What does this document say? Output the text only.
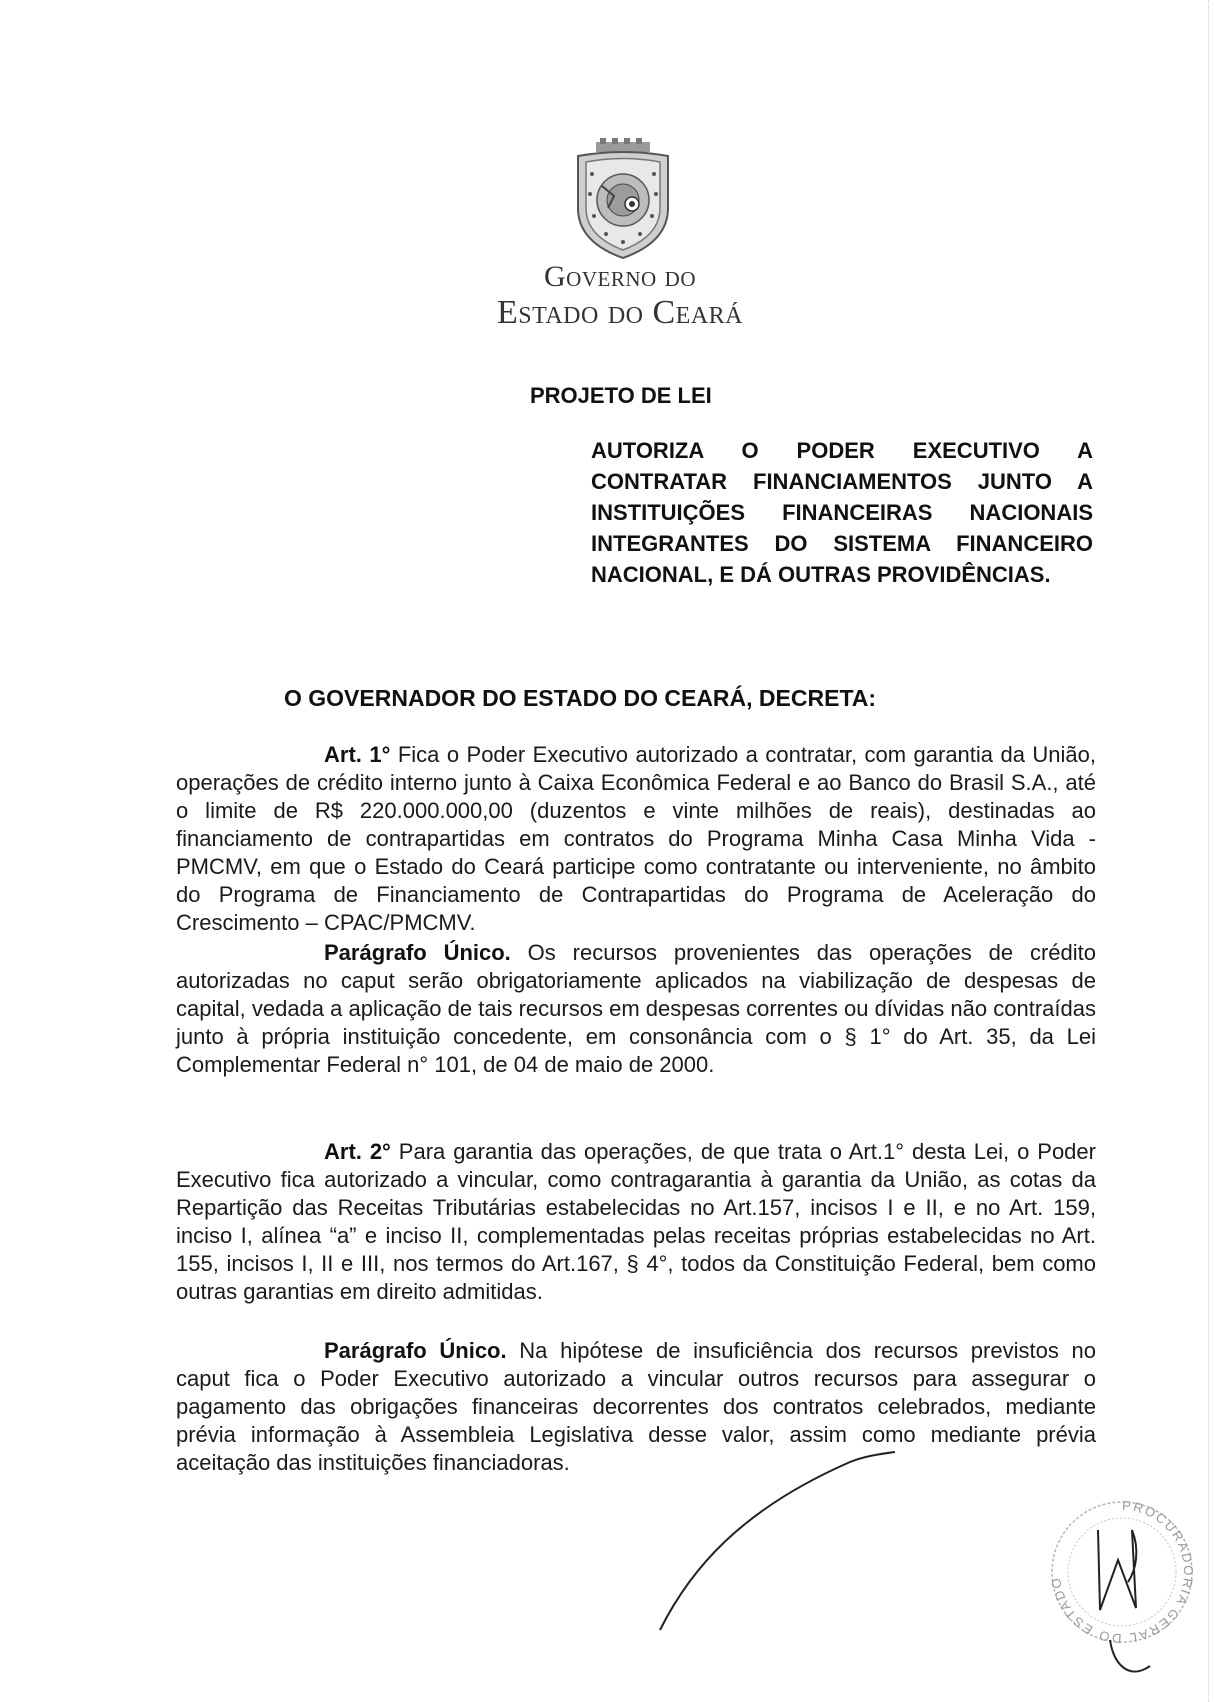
Governo do
Estado do Ceará
PROJETO DE LEI
AUTORIZA O PODER EXECUTIVO A CONTRATAR FINANCIAMENTOS JUNTO A INSTITUIÇÕES FINANCEIRAS NACIONAIS INTEGRANTES DO SISTEMA FINANCEIRO NACIONAL, E DÁ OUTRAS PROVIDÊNCIAS.
O GOVERNADOR DO ESTADO DO CEARÁ, DECRETA:
Art. 1° Fica o Poder Executivo autorizado a contratar, com garantia da União, operações de crédito interno junto à Caixa Econômica Federal e ao Banco do Brasil S.A., até o limite de R$ 220.000.000,00 (duzentos e vinte milhões de reais), destinadas ao financiamento de contrapartidas em contratos do Programa Minha Casa Minha Vida - PMCMV, em que o Estado do Ceará participe como contratante ou interveniente, no âmbito do Programa de Financiamento de Contrapartidas do Programa de Aceleração do Crescimento – CPAC/PMCMV.
Parágrafo Único. Os recursos provenientes das operações de crédito autorizadas no caput serão obrigatoriamente aplicados na viabilização de despesas de capital, vedada a aplicação de tais recursos em despesas correntes ou dívidas não contraídas junto à própria instituição concedente, em consonância com o § 1° do Art. 35, da Lei Complementar Federal n° 101, de 04 de maio de 2000.
Art. 2° Para garantia das operações, de que trata o Art.1° desta Lei, o Poder Executivo fica autorizado a vincular, como contragarantia à garantia da União, as cotas da Repartição das Receitas Tributárias estabelecidas no Art.157, incisos I e II, e no Art. 159, inciso I, alínea “a” e inciso II, complementadas pelas receitas próprias estabelecidas no Art. 155, incisos I, II e III, nos termos do Art.167, § 4°, todos da Constituição Federal, bem como outras garantias em direito admitidas.
Parágrafo Único. Na hipótese de insuficiência dos recursos previstos no caput fica o Poder Executivo autorizado a vincular outros recursos para assegurar o pagamento das obrigações financeiras decorrentes dos contratos celebrados, mediante prévia informação à Assembleia Legislativa desse valor, assim como mediante prévia aceitação das instituições financiadoras.
PROCURADORIA GERAL DO ESTADO
